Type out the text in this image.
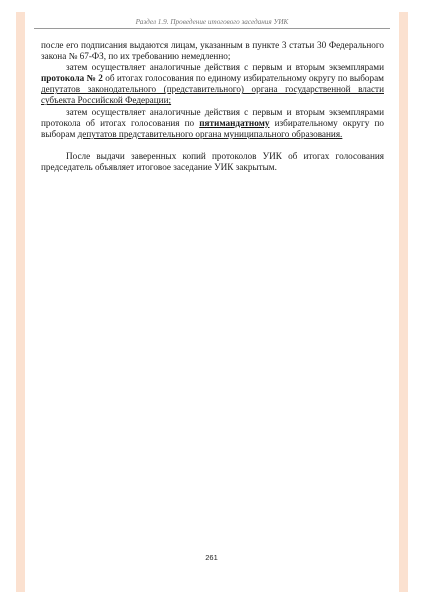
Раздел 1.9. Проведение итогового заседания УИК

после его подписания выдаются лицам, указанным в пункте 3 статьи 30 Федерального закона № 67-ФЗ, по их требованию немедленно;

затем осуществляет аналогичные действия с первым и вторым экземплярами протокола № 2 об итогах голосования по единому избирательному округу по выборам депутатов законодательного (представительного) органа государственной власти субъекта Российской Федерации;

затем осуществляет аналогичные действия с первым и вторым экземплярами протокола об итогах голосования по пятимандатному избирательному округу по выборам депутатов представительного органа муниципального образования.

После выдачи заверенных копий протоколов УИК об итогах голосования председатель объявляет итоговое заседание УИК закрытым.

261
